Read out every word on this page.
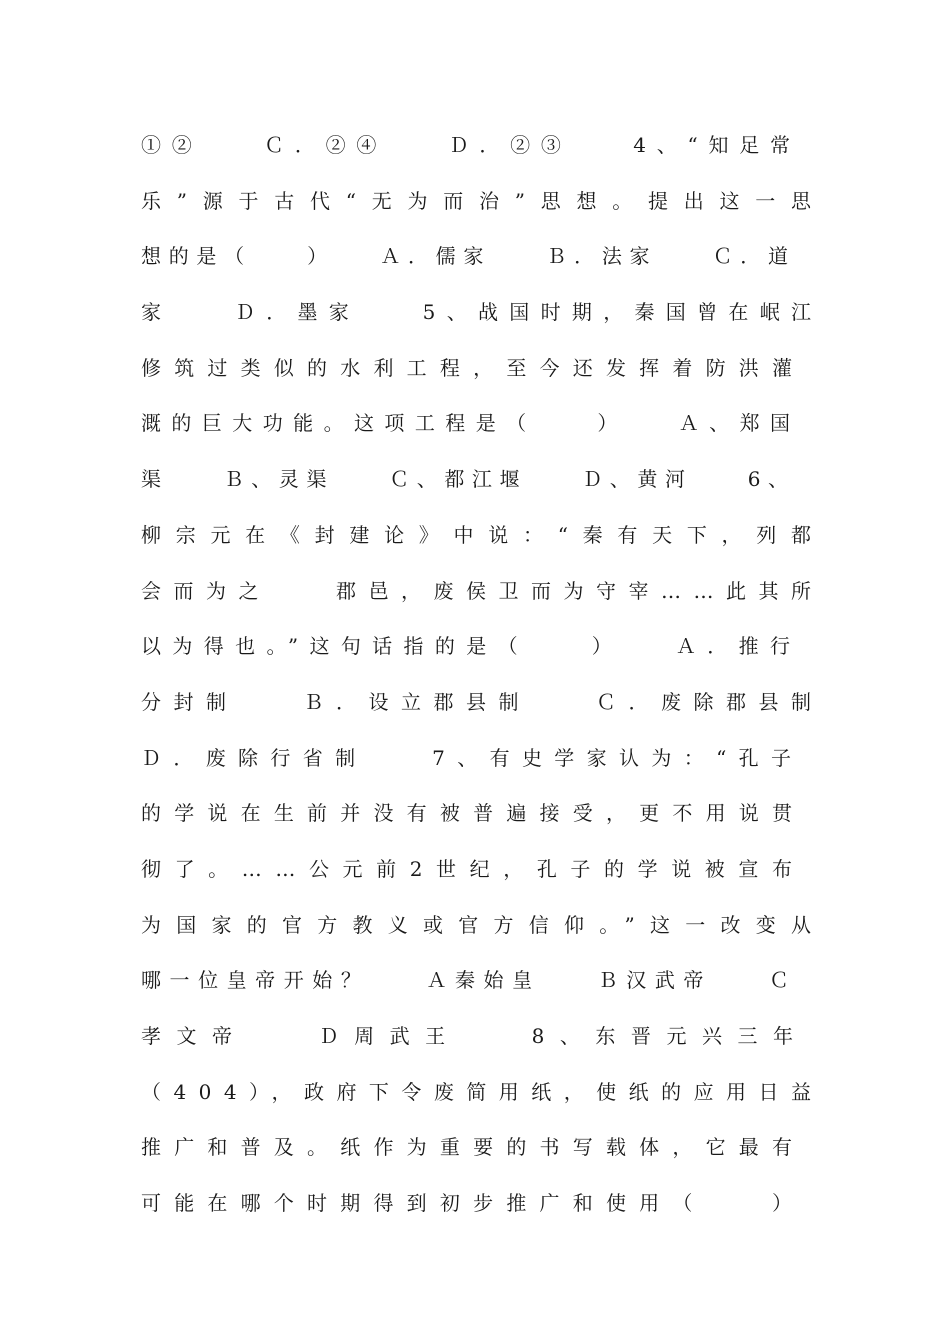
①②　　Ｃ．②④　　Ｄ．②③　　4、“知足常
乐”源于古代“无为而治”思想。提出这一思
想的是（　　）　　Ａ．儒家　　Ｂ．法家　　Ｃ．道
家　　Ｄ．墨家　　5、战国时期，秦国曾在岷江
修筑过类似的水利工程，至今还发挥着防洪灌
溉的巨大功能。这项工程是（　　）　　Ａ、郑国
渠　　Ｂ、灵渠　　Ｃ、都江堰　　Ｄ、黄河　　6、
柳宗元在《封建论》中说：“秦有天下，列都
会而为之　　郡邑，废侯卫而为守宰……此其所
以为得也。”这句话指的是（　　）　　Ａ．推行
分封制　　Ｂ．设立郡县制　　Ｃ．废除郡县制
Ｄ．废除行省制　　7、有史学家认为：“孔子
的学说在生前并没有被普遍接受，更不用说贯
彻了。……公元前2世纪，孔子的学说被宣布
为国家的官方教义或官方信仰。”这一改变从
哪一位皇帝开始？　　Ａ秦始皇　　Ｂ汉武帝　　Ｃ
孝文帝　　Ｄ周武王　　8、东晋元兴三年
（404），政府下令废简用纸，使纸的应用日益
推广和普及。纸作为重要的书写载体，它最有
可能在哪个时期得到初步推广和使用（　　）
